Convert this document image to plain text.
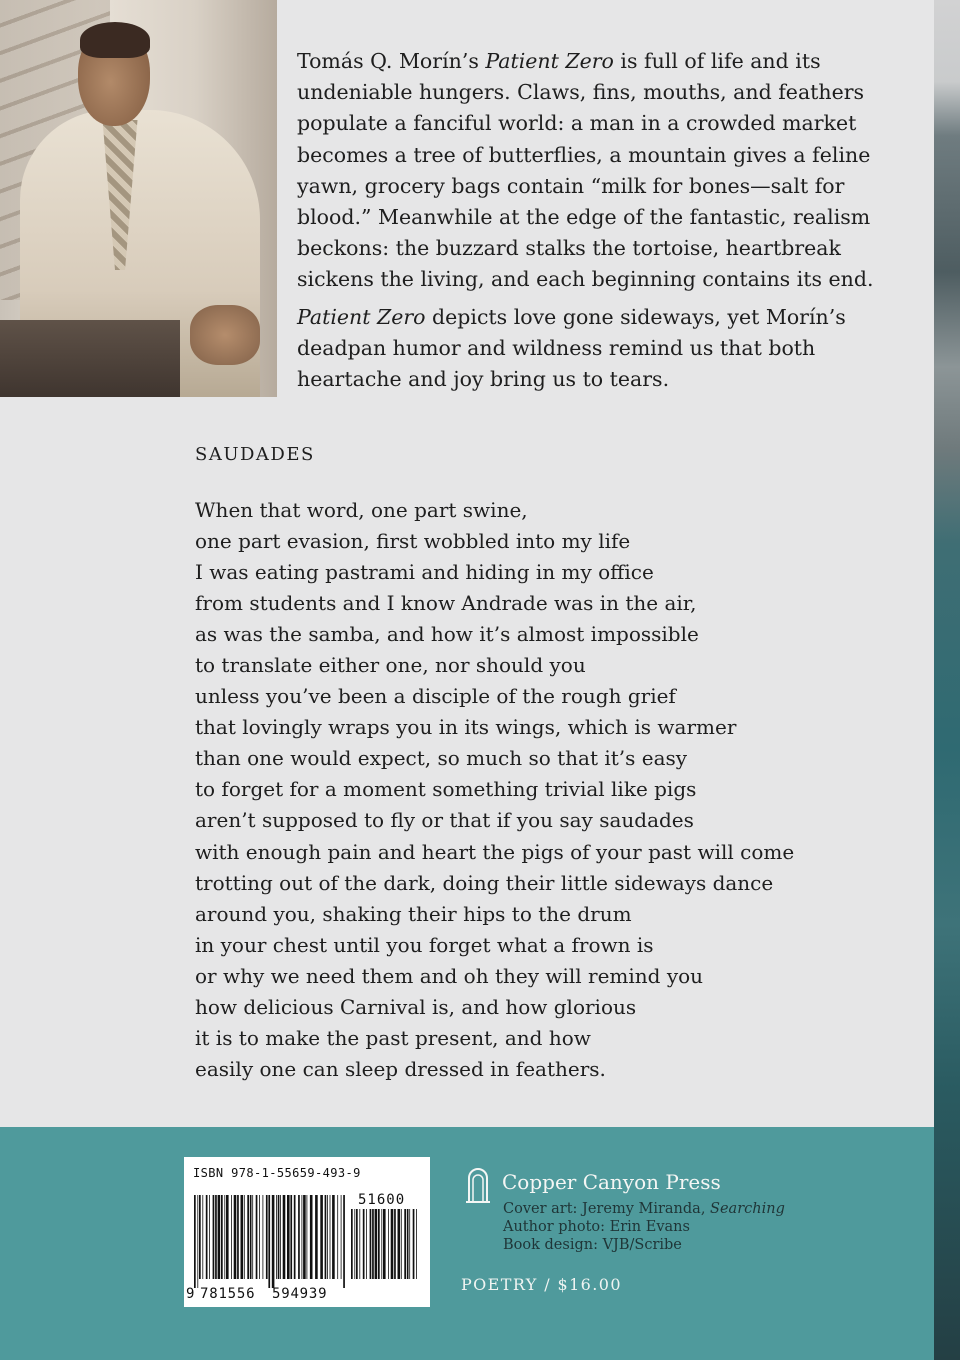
Tomás Q. Morín’s Patient Zero is full of life and its undeniable hungers. Claws, fins, mouths, and feathers populate a fanciful world: a man in a crowded market becomes a tree of butterflies, a mountain gives a feline yawn, grocery bags contain “milk for bones—salt for blood.” Meanwhile at the edge of the fantastic, realism beckons: the buzzard stalks the tortoise, heartbreak sickens the living, and each beginning contains its end.

Patient Zero depicts love gone sideways, yet Morín’s deadpan humor and wildness remind us that both heartache and joy bring us to tears.

SAUDADES
When that word, one part swine,
one part evasion, first wobbled into my life
I was eating pastrami and hiding in my office
from students and I know Andrade was in the air,
as was the samba, and how it’s almost impossible
to translate either one, nor should you
unless you’ve been a disciple of the rough grief
that lovingly wraps you in its wings, which is warmer
than one would expect, so much so that it’s easy
to forget for a moment something trivial like pigs
aren’t supposed to fly or that if you say saudades
with enough pain and heart the pigs of your past will come
trotting out of the dark, doing their little sideways dance
around you, shaking their hips to the drum
in your chest until you forget what a frown is
or why we need them and oh they will remind you
how delicious Carnival is, and how glorious
it is to make the past present, and how
easily one can sleep dressed in feathers.
ISBN 978-1-55659-493-9
51600
9 781556 594939
Copper Canyon Press
Cover art: Jeremy Miranda, Searching
Author photo: Erin Evans
Book design: VJB/Scribe
POETRY / $16.00
